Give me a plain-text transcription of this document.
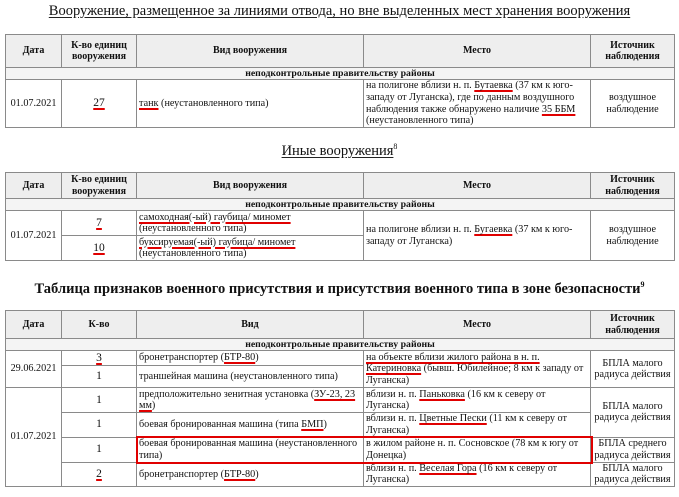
Вооружение, размещенное за линиями отвода, но вне выделенных мест хранения вооружения
Дата	К-во единиц вооружения	Вид вооружения	Место	Источник наблюдения
неподконтрольные правительству районы				
01.07.2021	27	танк (неустановленного типа)	на полигоне вблизи н. п. Бутаевка (37 км к юго-западу от Луганска), где по данным воздушного наблюдения также обнаружено наличие 35 ББМ (неустановленного типа)	воздушное наблюдение
Иные вооружения$^8$
Дата	К-во единиц вооружения	Вид вооружения	Место	Источник наблюдения
неподконтрольные правительству районы				
01.07.2021	7	самоходная(-ый) гаубица/ миномет (неустановленного типа)	на полигоне вблизи н. п. Бугаевка (37 км к юго-западу от Луганска)	воздушное наблюдение
	10	буксируемая(-ый) гаубица/ миномет (неустановленного типа)		
Таблица признаков военного присутствия и присутствия военного типа в зоне безопасности$^9$
Дата	К-во	Вид	Место	Источник наблюдения
неподконтрольные правительству районы				
29.06.2021	3	бронетранспортер (БТР-80)	на объекте вблизи жилого района в н. п. Катериновка (бывш. Юбилейное; 8 км к западу от Луганска)	БПЛА малого радиуса действия
	1	траншейная машина (неустановленного типа)		
01.07.2021	1	предположительно зенитная установка (ЗУ-23, 23 мм)	вблизи н. п. Паньковка (16 км к северу от Луганска)	БПЛА малого радиуса действия
	1	боевая бронированная машина (типа БМП)	вблизи н. п. Цветные Пески (11 км к северу от Луганска)	
	1	боевая бронированная машина (неустановленного типа)	в жилом районе н. п. Сосновское (78 км к югу от Донецка)	БПЛА среднего радиуса действия
	2	бронетранспортер (БТР-80)	вблизи н. п. Веселая Гора (16 км к северу от Луганска)	БПЛА малого радиуса действия
